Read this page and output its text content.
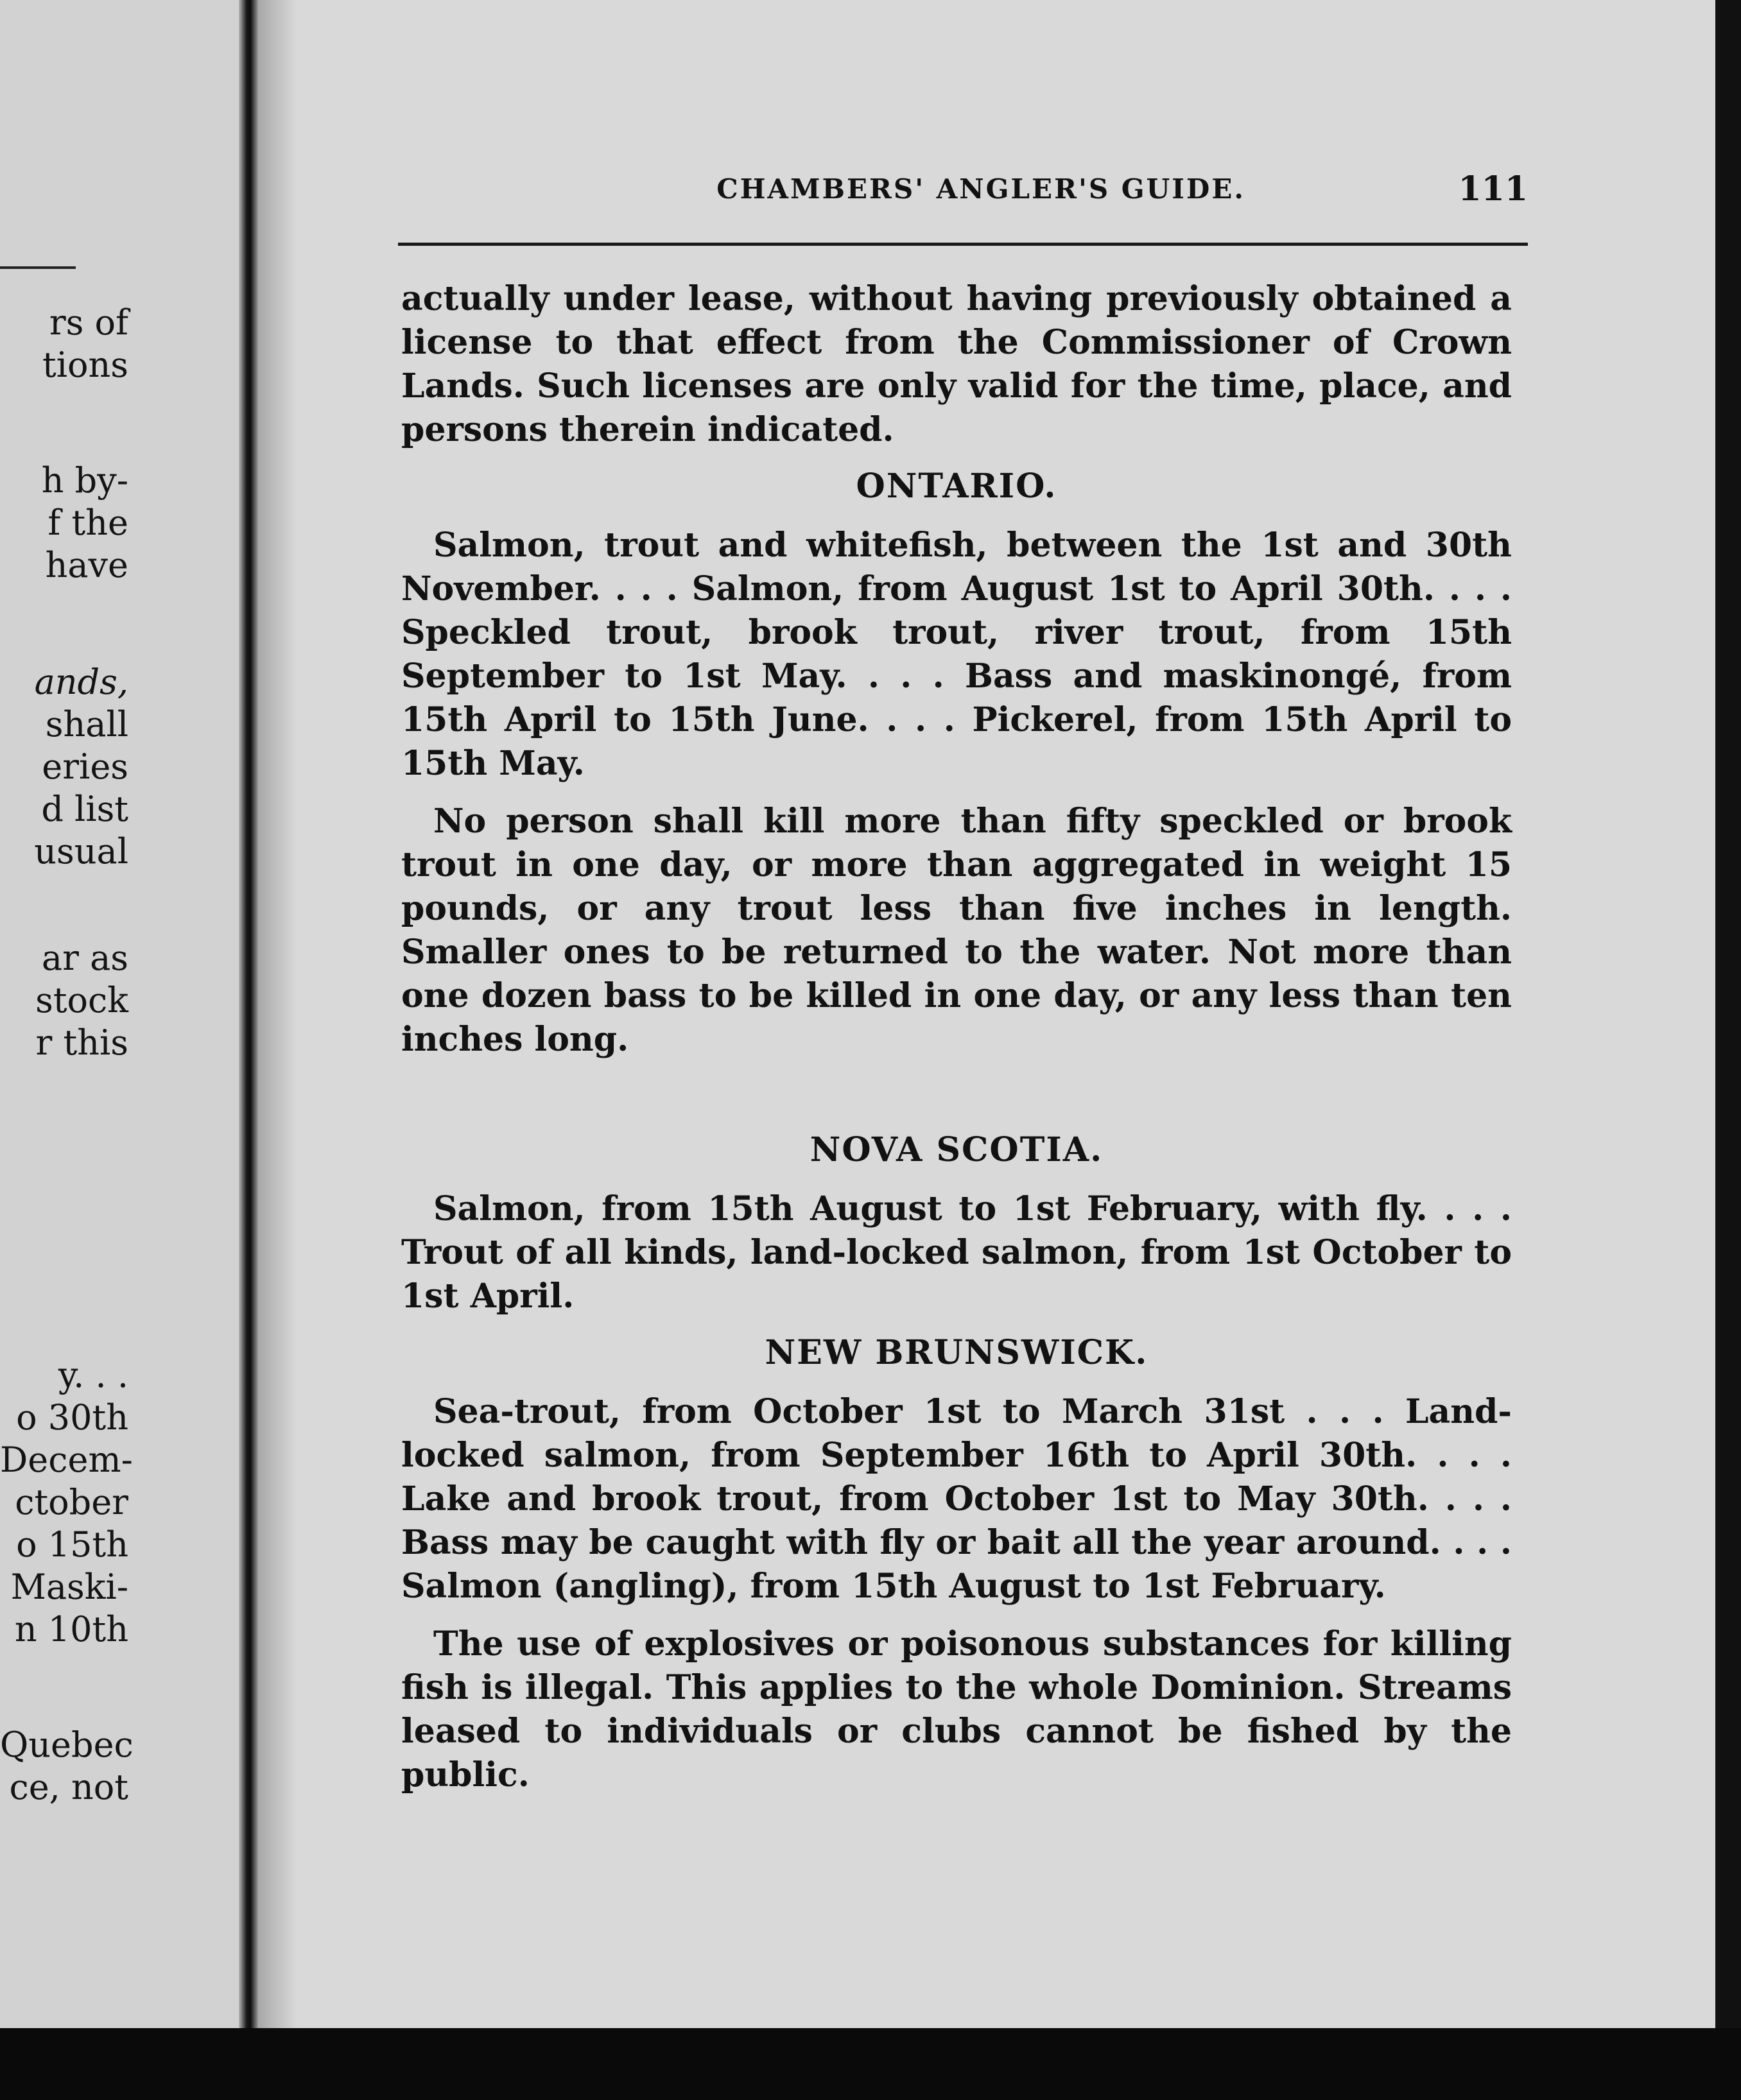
rs of
tions
h by-
f the
have
ands,
shall
eries
d list
usual
ar as
stock
r this
y. . .
o 30th
Decem-
ctober
o 15th
Maski-
n 10th
Quebec
ce, not
CHAMBERS' ANGLER'S GUIDE.	111

actually under lease, without having previously obtained a license to that effect from the Commissioner of Crown Lands. Such licenses are only valid for the time, place, and persons therein indicated.

ONTARIO.

Salmon, trout and whitefish, between the 1st and 30th November. . . . Salmon, from August 1st to April 30th. . . . Speckled trout, brook trout, river trout, from 15th September to 1st May. . . . Bass and maskinongé, from 15th April to 15th June. . . . Pickerel, from 15th April to 15th May.

No person shall kill more than fifty speckled or brook trout in one day, or more than aggregated in weight 15 pounds, or any trout less than five inches in length. Smaller ones to be returned to the water. Not more than one dozen bass to be killed in one day, or any less than ten inches long.

NOVA SCOTIA.

Salmon, from 15th August to 1st February, with fly. . . . Trout of all kinds, land-locked salmon, from 1st October to 1st April.

NEW BRUNSWICK.

Sea-trout, from October 1st to March 31st . . . Land-locked salmon, from September 16th to April 30th. . . . Lake and brook trout, from October 1st to May 30th. . . . Bass may be caught with fly or bait all the year around. . . . Salmon (angling), from 15th August to 1st February.

The use of explosives or poisonous substances for killing fish is illegal. This applies to the whole Dominion. Streams leased to individuals or clubs cannot be fished by the public.
